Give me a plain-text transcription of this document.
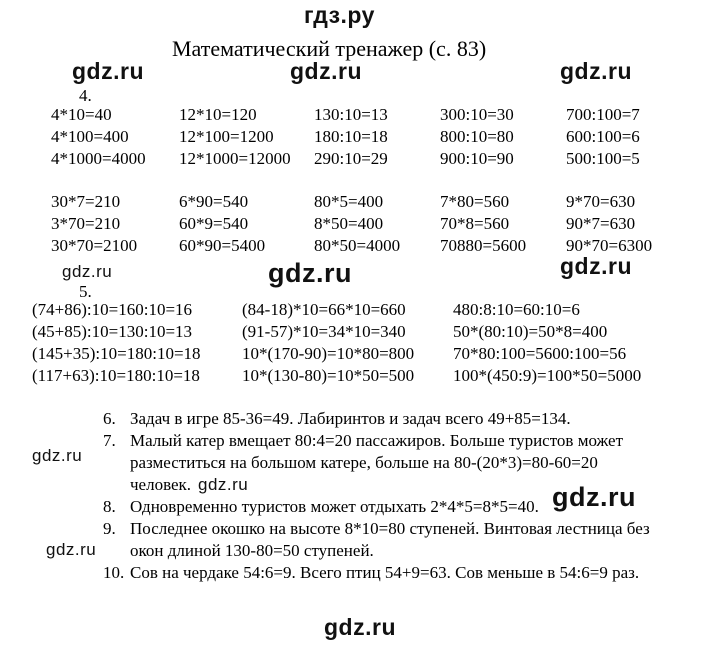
гдз.ру
Математический тренажер (с. 83)
gdz.ru	gdz.ru	gdz.ru
gdz.ru	gdz.ru	gdz.ru
gdz.ru
gdz.ru	gdz.ru
gdz.ru
gdz.ru
4.
4*10=40	12*10=120	130:10=13	300:10=30	700:100=7
4*100=400	12*100=1200 180:10=18	800:10=80	600:100=6
4*1000=4000 12*1000=12000 290:10=29	900:10=90	500:100=5
30*7=210	6*90=540	80*5=400	7*80=560	9*70=630
3*70=210	60*9=540	8*50=400	70*8=560	90*7=630
30*70=2100 60*90=5400	80*50=4000 70880=5600 90*70=6300
5.
(74+86):10=160:10=16	(84-18)*10=66*10=660	480:8:10=60:10=6
(45+85):10=130:10=13	(91-57)*10=34*10=340	50*(80:10)=50*8=400
(145+35):10=180:10=18 10*(170-90)=10*80=800 70*80:100=5600:100=56
(117+63):10=180:10=18 10*(130-80)=10*50=500 100*(450:9)=100*50=5000
6. Задач в игре 85-36=49. Лабиринтов и задач всего 49+85=134.
7. Малый катер вмещает 80:4=20 пассажиров. Больше туристов может
разместиться на большом катере, больше на 80-(20*3)=80-60=20
человек.
8. Одновременно туристов может отдыхать 2*4*5=8*5=40.
9. Последнее окошко на высоте 8*10=80 ступеней. Винтовая лестница без
окон длиной 130-80=50 ступеней.
10. Сов на чердаке 54:6=9. Всего птиц 54+9=63. Сов меньше в 54:6=9 раз.
